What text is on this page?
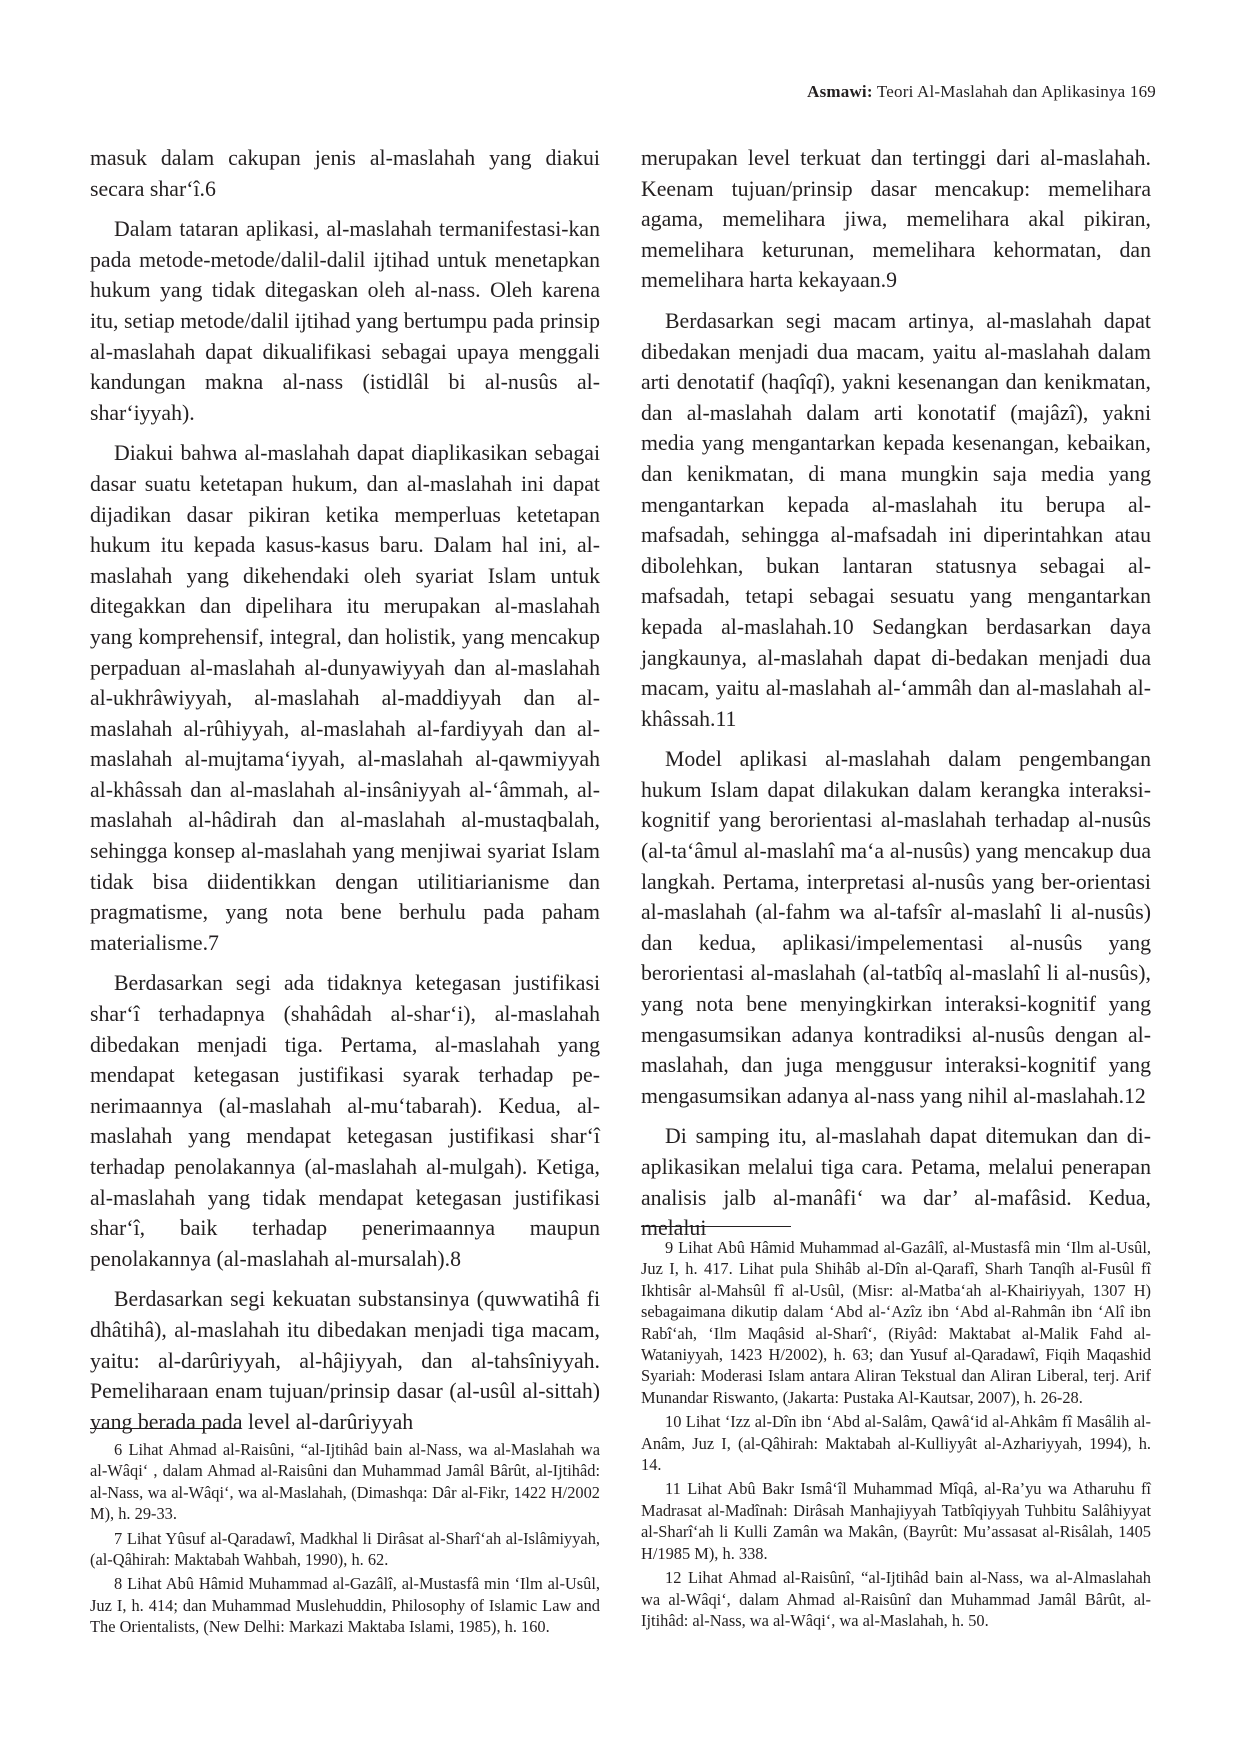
Asmawi: Teori Al-Maslahah dan Aplikasinya 169

masuk dalam cakupan jenis al-maslahah yang diakui secara shar‘î.6

Dalam tataran aplikasi, al-maslahah termanifestasi-kan pada metode-metode/dalil-dalil ijtihad untuk menetapkan hukum yang tidak ditegaskan oleh al-nass. Oleh karena itu, setiap metode/dalil ijtihad yang bertumpu pada prinsip al-maslahah dapat dikualifikasi sebagai upaya menggali kandungan makna al-nass (istidlâl bi al-nusûs al-shar‘iyyah).

Diakui bahwa al-maslahah dapat diaplikasikan sebagai dasar suatu ketetapan hukum, dan al-maslahah ini dapat dijadikan dasar pikiran ketika memperluas ketetapan hukum itu kepada kasus-kasus baru. Dalam hal ini, al-maslahah yang dikehendaki oleh syariat Islam untuk ditegakkan dan dipelihara itu merupakan al-maslahah yang komprehensif, integral, dan holistik, yang mencakup perpaduan al-maslahah al-dunyawiyyah dan al-maslahah al-ukhrâwiyyah, al-maslahah al-maddiyyah dan al-maslahah al-rûhiyyah, al-maslahah al-fardiyyah dan al-maslahah al-mujtama‘iyyah, al-maslahah al-qawmiyyah al-khâssah dan al-maslahah al-insâniyyah al-‘âmmah, al-maslahah al-hâdirah dan al-maslahah al-mustaqbalah, sehingga konsep al-maslahah yang menjiwai syariat Islam tidak bisa diidentikkan dengan utilitiarianisme dan pragmatisme, yang nota bene berhulu pada paham materialisme.7

Berdasarkan segi ada tidaknya ketegasan justifikasi shar‘î terhadapnya (shahâdah al-shar‘i), al-maslahah dibedakan menjadi tiga. Pertama, al-maslahah yang mendapat ketegasan justifikasi syarak terhadap pe-nerimaannya (al-maslahah al-mu‘tabarah). Kedua, al-maslahah yang mendapat ketegasan justifikasi shar‘î terhadap penolakannya (al-maslahah al-mulgah). Ketiga, al-maslahah yang tidak mendapat ketegasan justifikasi shar‘î, baik terhadap penerimaannya maupun penolakannya (al-maslahah al-mursalah).8

Berdasarkan segi kekuatan substansinya (quwwatihâ fi dhâtihâ), al-maslahah itu dibedakan menjadi tiga macam, yaitu: al-darûriyyah, al-hâjiyyah, dan al-tahsîniyyah. Pemeliharaan enam tujuan/prinsip dasar (al-usûl al-sittah) yang berada pada level al-darûriyyah

6 Lihat Ahmad al-Raisûni, “al-Ijtihâd bain al-Nass, wa al-Maslahah wa al-Wâqi‘ , dalam Ahmad al-Raisûni dan Muhammad Jamâl Bârût, al-Ijtihâd: al-Nass, wa al-Wâqi‘, wa al-Maslahah, (Dimashqa: Dâr al-Fikr, 1422 H/2002 M), h. 29-33.

7 Lihat Yûsuf al-Qaradawî, Madkhal li Dirâsat al-Sharî‘ah al-Islâmiyyah, (al-Qâhirah: Maktabah Wahbah, 1990), h. 62.

8 Lihat Abû Hâmid Muhammad al-Gazâlî, al-Mustasfâ min ‘Ilm al-Usûl, Juz I, h. 414; dan Muhammad Muslehuddin, Philosophy of Islamic Law and The Orientalists, (New Delhi: Markazi Maktaba Islami, 1985), h. 160.

merupakan level terkuat dan tertinggi dari al-maslahah. Keenam tujuan/prinsip dasar mencakup: memelihara agama, memelihara jiwa, memelihara akal pikiran, memelihara keturunan, memelihara kehormatan, dan memelihara harta kekayaan.9

Berdasarkan segi macam artinya, al-maslahah dapat dibedakan menjadi dua macam, yaitu al-maslahah dalam arti denotatif (haqîqî), yakni kesenangan dan kenikmatan, dan al-maslahah dalam arti konotatif (majâzî), yakni media yang mengantarkan kepada kesenangan, kebaikan, dan kenikmatan, di mana mungkin saja media yang mengantarkan kepada al-maslahah itu berupa al-mafsadah, sehingga al-mafsadah ini diperintahkan atau dibolehkan, bukan lantaran statusnya sebagai al-mafsadah, tetapi sebagai sesuatu yang mengantarkan kepada al-maslahah.10 Sedangkan berdasarkan daya jangkaunya, al-maslahah dapat di-bedakan menjadi dua macam, yaitu al-maslahah al-‘ammâh dan al-maslahah al-khâssah.11

Model aplikasi al-maslahah dalam pengembangan hukum Islam dapat dilakukan dalam kerangka interaksi-kognitif yang berorientasi al-maslahah terhadap al-nusûs (al-ta‘âmul al-maslahî ma‘a al-nusûs) yang mencakup dua langkah. Pertama, interpretasi al-nusûs yang ber-orientasi al-maslahah (al-fahm wa al-tafsîr al-maslahî li al-nusûs) dan kedua, aplikasi/impelementasi al-nusûs yang berorientasi al-maslahah (al-tatbîq al-maslahî li al-nusûs), yang nota bene menyingkirkan interaksi-kognitif yang mengasumsikan adanya kontradiksi al-nusûs dengan al-maslahah, dan juga menggusur interaksi-kognitif yang mengasumsikan adanya al-nass yang nihil al-maslahah.12

Di samping itu, al-maslahah dapat ditemukan dan di-aplikasikan melalui tiga cara. Petama, melalui penerapan analisis jalb al-manâfi‘ wa dar’ al-mafâsid. Kedua, melalui

9 Lihat Abû Hâmid Muhammad al-Gazâlî, al-Mustasfâ min ‘Ilm al-Usûl, Juz I, h. 417. Lihat pula Shihâb al-Dîn al-Qarafî, Sharh Tanqîh al-Fusûl fî Ikhtisâr al-Mahsûl fî al-Usûl, (Misr: al-Matba‘ah al-Khairiyyah, 1307 H) sebagaimana dikutip dalam ‘Abd al-‘Azîz ibn ‘Abd al-Rahmân ibn ‘Alî ibn Rabî‘ah, ‘Ilm Maqâsid al-Sharî‘, (Riyâd: Maktabat al-Malik Fahd al-Wataniyyah, 1423 H/2002), h. 63; dan Yusuf al-Qaradawî, Fiqih Maqashid Syariah: Moderasi Islam antara Aliran Tekstual dan Aliran Liberal, terj. Arif Munandar Riswanto, (Jakarta: Pustaka Al-Kautsar, 2007), h. 26-28.

10 Lihat ‘Izz al-Dîn ibn ‘Abd al-Salâm, Qawâ‘id al-Ahkâm fî Masâlih al-Anâm, Juz I, (al-Qâhirah: Maktabah al-Kulliyyât al-Azhariyyah, 1994), h. 14.

11 Lihat Abû Bakr Ismâ‘îl Muhammad Mîqâ, al-Ra’yu wa Atharuhu fî Madrasat al-Madînah: Dirâsah Manhajiyyah Tatbîqiyyah Tuhbitu Salâhiyyat al-Sharî‘ah li Kulli Zamân wa Makân, (Bayrût: Mu’assasat al-Risâlah, 1405 H/1985 M), h. 338.

12 Lihat Ahmad al-Raisûnî, “al-Ijtihâd bain al-Nass, wa al-Almaslahah wa al-Wâqi‘, dalam Ahmad al-Raisûnî dan Muhammad Jamâl Bârût, al-Ijtihâd: al-Nass, wa al-Wâqi‘, wa al-Maslahah, h. 50.
